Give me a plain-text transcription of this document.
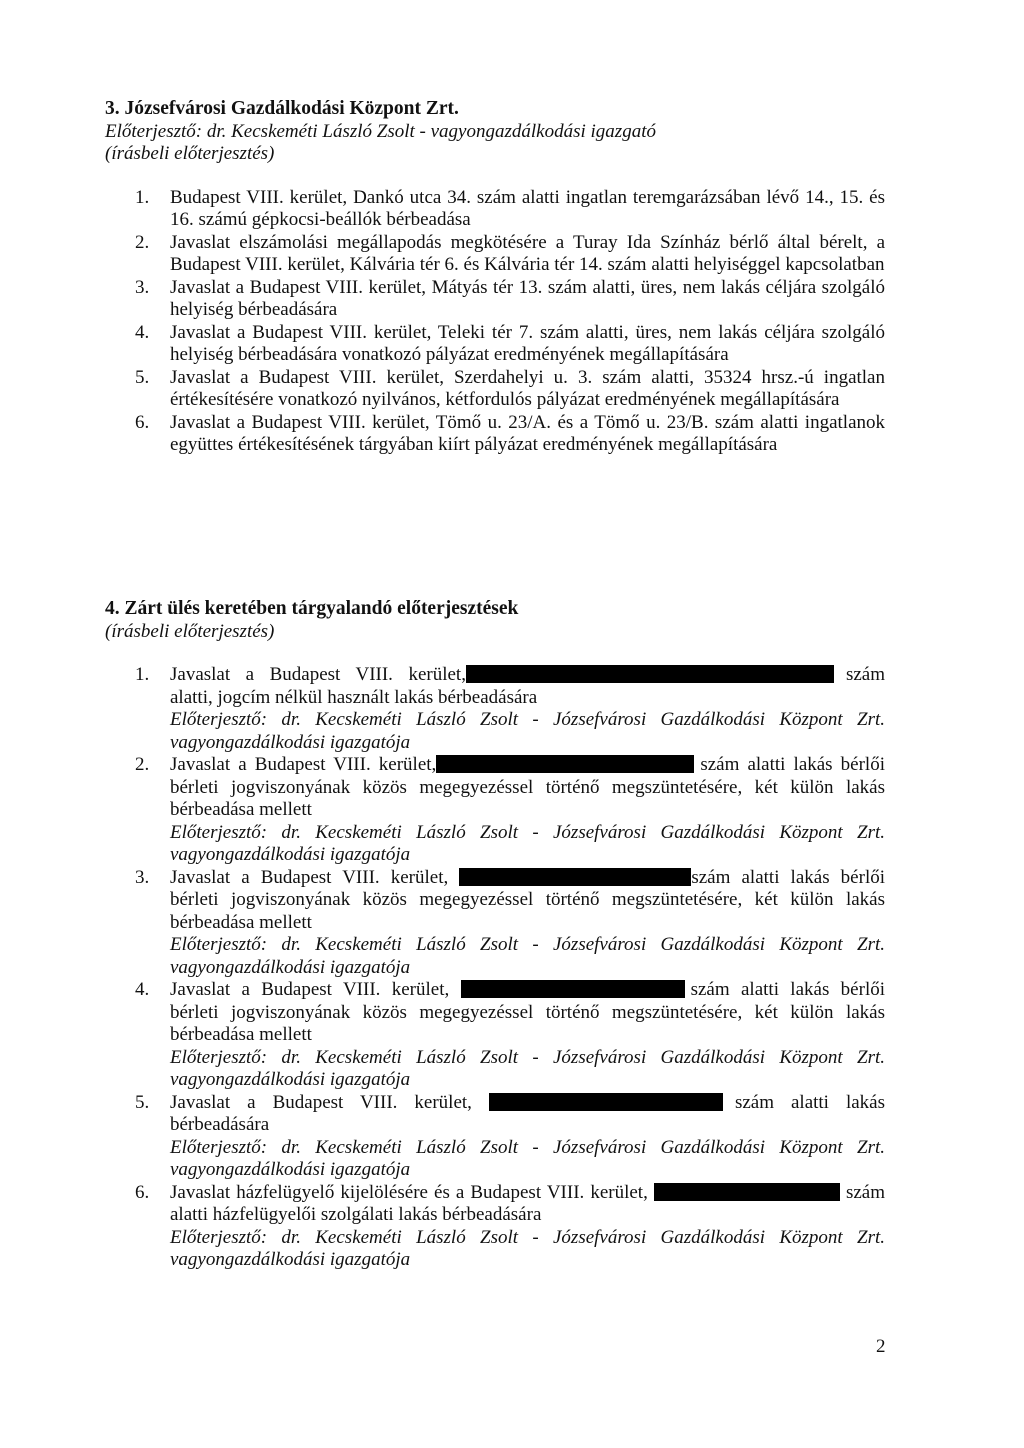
3. Józsefvárosi Gazdálkodási Központ Zrt.
Előterjesztő: dr. Kecskeméti László Zsolt - vagyongazdálkodási igazgató
(írásbeli előterjesztés)
1. Budapest VIII. kerület, Dankó utca 34. szám alatti ingatlan teremgarázsában lévő 14., 15. és 16. számú gépkocsi-beállók bérbeadása
2. Javaslat elszámolási megállapodás megkötésére a Turay Ida Színház bérlő által bérelt, a Budapest VIII. kerület, Kálvária tér 6. és Kálvária tér 14. szám alatti helyiséggel kapcsolatban
3. Javaslat a Budapest VIII. kerület, Mátyás tér 13. szám alatti, üres, nem lakás céljára szolgáló helyiség bérbeadására
4. Javaslat a Budapest VIII. kerület, Teleki tér 7. szám alatti, üres, nem lakás céljára szolgáló helyiség bérbeadására vonatkozó pályázat eredményének megállapítására
5. Javaslat a Budapest VIII. kerület, Szerdahelyi u. 3. szám alatti, 35324 hrsz.-ú ingatlan értékesítésére vonatkozó nyilvános, kétfordulós pályázat eredményének megállapítására
6. Javaslat a Budapest VIII. kerület, Tömő u. 23/A. és a Tömő u. 23/B. szám alatti ingatlanok együttes értékesítésének tárgyában kiírt pályázat eredményének megállapítására
4. Zárt ülés keretében tárgyalandó előterjesztések
(írásbeli előterjesztés)
1. Javaslat a Budapest VIII. kerület,	szám alatti, jogcím nélkül használt lakás bérbeadására
Előterjesztő: dr. Kecskeméti László Zsolt - Józsefvárosi Gazdálkodási Központ Zrt. vagyongazdálkodási igazgatója
2. Javaslat a Budapest VIII. kerület,	szám alatti lakás bérlői bérleti jogviszonyának közös megegyezéssel történő megszüntetésére, két külön lakás bérbeadása mellett
Előterjesztő: dr. Kecskeméti László Zsolt - Józsefvárosi Gazdálkodási Központ Zrt. vagyongazdálkodási igazgatója
3. Javaslat a Budapest VIII. kerület,	szám alatti lakás bérlői bérleti jogviszonyának közös megegyezéssel történő megszüntetésére, két külön lakás bérbeadása mellett
Előterjesztő: dr. Kecskeméti László Zsolt - Józsefvárosi Gazdálkodási Központ Zrt. vagyongazdálkodási igazgatója
4. Javaslat a Budapest VIII. kerület,	szám alatti lakás bérlői bérleti jogviszonyának közös megegyezéssel történő megszüntetésére, két külön lakás bérbeadása mellett
Előterjesztő: dr. Kecskeméti László Zsolt - Józsefvárosi Gazdálkodási Központ Zrt. vagyongazdálkodási igazgatója
5. Javaslat a Budapest VIII. kerület,	szám alatti lakás bérbeadására
Előterjesztő: dr. Kecskeméti László Zsolt - Józsefvárosi Gazdálkodási Központ Zrt. vagyongazdálkodási igazgatója
6. Javaslat házfelügyelő kijelölésére és a Budapest VIII. kerület,	szám alatti házfelügyelői szolgálati lakás bérbeadására
Előterjesztő: dr. Kecskeméti László Zsolt - Józsefvárosi Gazdálkodási Központ Zrt. vagyongazdálkodási igazgatója
2
